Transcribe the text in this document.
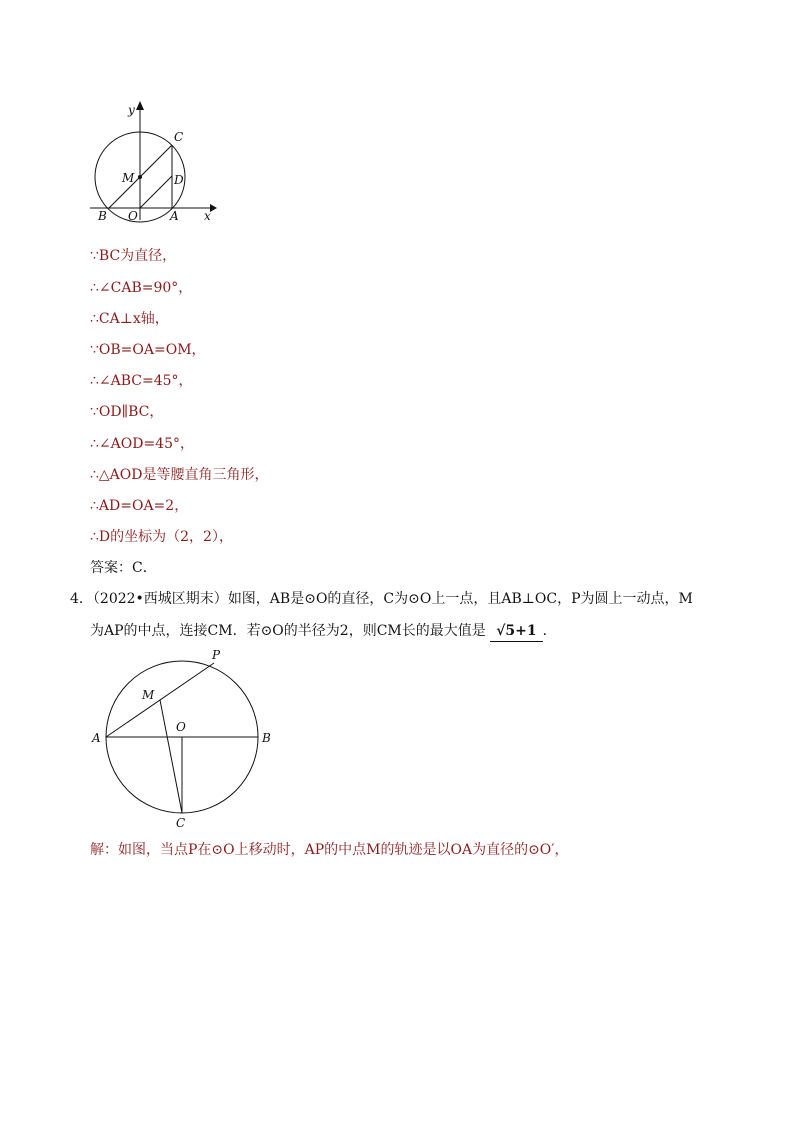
y
C
M	D
B O	A x
∵BC为直径，
∴∠CAB=90°，
∴CA⊥x轴，
∵OB=OA=OM，
∴∠ABC=45°，
∵OD∥BC，
∴∠AOD=45°，
∴△AOD是等腰直角三角形，
∴AD=OA=2，
∴D的坐标为（2，2），
答案：C．
4．（2022•西城区期末）如图，AB是⊙O的直径，C为⊙O上一点，且AB⊥OC，P为圆上一动点，M
为AP的中点，连接CM．若⊙O的半径为2，则CM长的最大值是 √5+1 ．
P
M
O
A	B
C
解：如图，当点P在⊙O上移动时，AP的中点M的轨迹是以OA为直径的⊙O′，
